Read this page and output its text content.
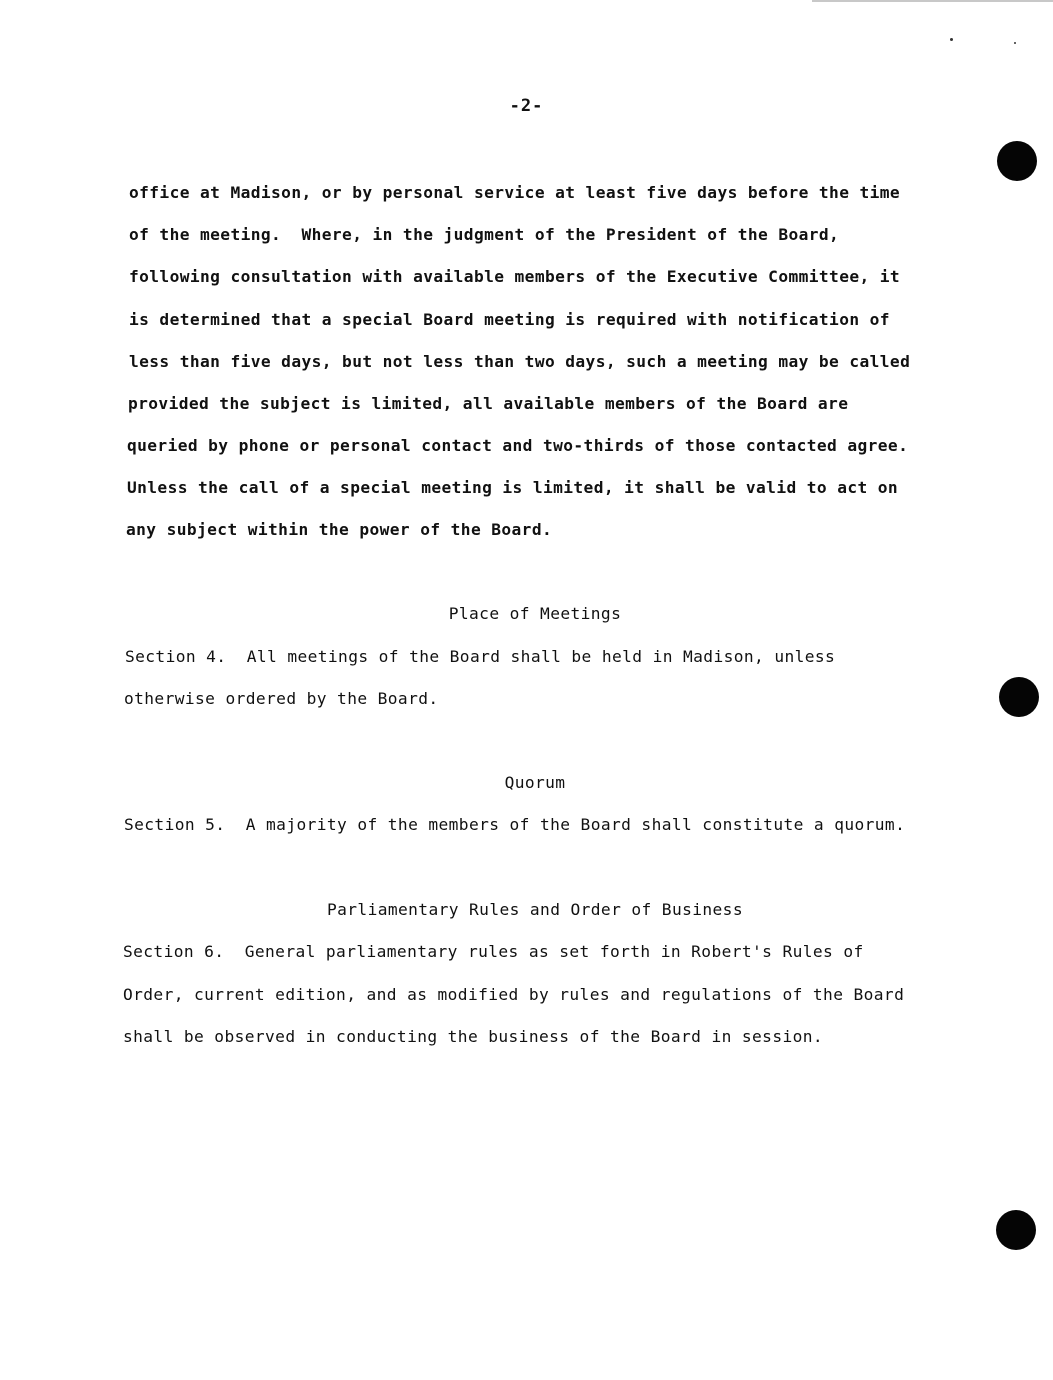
-2-
office at Madison, or by personal service at least five days before the time
of the meeting.  Where, in the judgment of the President of the Board,
following consultation with available members of the Executive Committee, it
is determined that a special Board meeting is required with notification of
less than five days, but not less than two days, such a meeting may be called
provided the subject is limited, all available members of the Board are
queried by phone or personal contact and two-thirds of those contacted agree.
Unless the call of a special meeting is limited, it shall be valid to act on
any subject within the power of the Board.
Place of Meetings
Section 4.  All meetings of the Board shall be held in Madison, unless
otherwise ordered by the Board.
Quorum
Section 5.  A majority of the members of the Board shall constitute a quorum.
Parliamentary Rules and Order of Business
Section 6.  General parliamentary rules as set forth in Robert's Rules of
Order, current edition, and as modified by rules and regulations of the Board
shall be observed in conducting the business of the Board in session.
